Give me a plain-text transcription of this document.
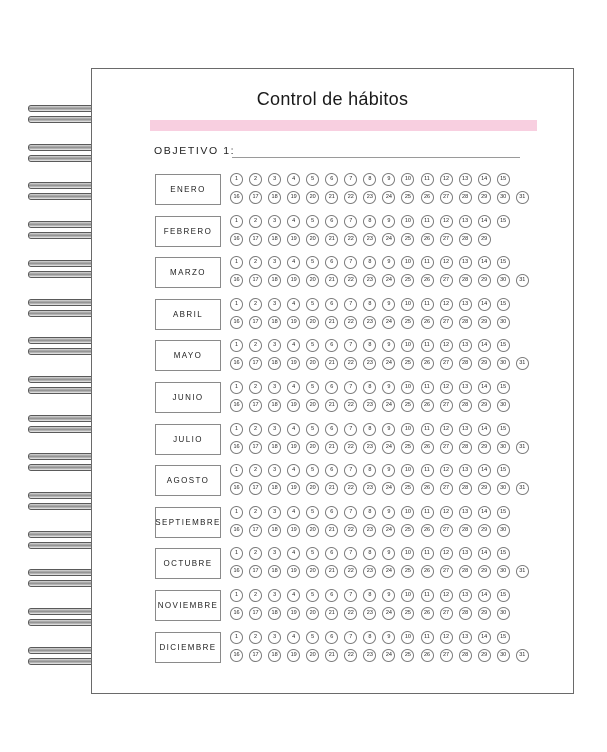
Control de hábitos
OBJETIVO 1:
ENERO
1	2	3	4	5	6	7	8	9	10	11	12	13	14	15
16	17	18	19	20	21	22	23	24	25	26	27	28	29	30	31
FEBRERO
1	2	3	4	5	6	7	8	9	10	11	12	13	14	15
16	17	18	19	20	21	22	23	24	25	26	27	28	29
MARZO
1	2	3	4	5	6	7	8	9	10	11	12	13	14	15
16	17	18	19	20	21	22	23	24	25	26	27	28	29	30	31
ABRIL
1	2	3	4	5	6	7	8	9	10	11	12	13	14	15
16	17	18	19	20	21	22	23	24	25	26	27	28	29	30
MAYO
1	2	3	4	5	6	7	8	9	10	11	12	13	14	15
16	17	18	19	20	21	22	23	24	25	26	27	28	29	30	31
JUNIO
1	2	3	4	5	6	7	8	9	10	11	12	13	14	15
16	17	18	19	20	21	22	23	24	25	26	27	28	29	30
JULIO
1	2	3	4	5	6	7	8	9	10	11	12	13	14	15
16	17	18	19	20	21	22	23	24	25	26	27	28	29	30	31
AGOSTO
1	2	3	4	5	6	7	8	9	10	11	12	13	14	15
16	17	18	19	20	21	22	23	24	25	26	27	28	29	30	31
SEPTIEMBRE
1	2	3	4	5	6	7	8	9	10	11	12	13	14	15
16	17	18	19	20	21	22	23	24	25	26	27	28	29	30
OCTUBRE
1	2	3	4	5	6	7	8	9	10	11	12	13	14	15
16	17	18	19	20	21	22	23	24	25	26	27	28	29	30	31
NOVIEMBRE
1	2	3	4	5	6	7	8	9	10	11	12	13	14	15
16	17	18	19	20	21	22	23	24	25	26	27	28	29	30
DICIEMBRE
1	2	3	4	5	6	7	8	9	10	11	12	13	14	15
16	17	18	19	20	21	22	23	24	25	26	27	28	29	30	31
